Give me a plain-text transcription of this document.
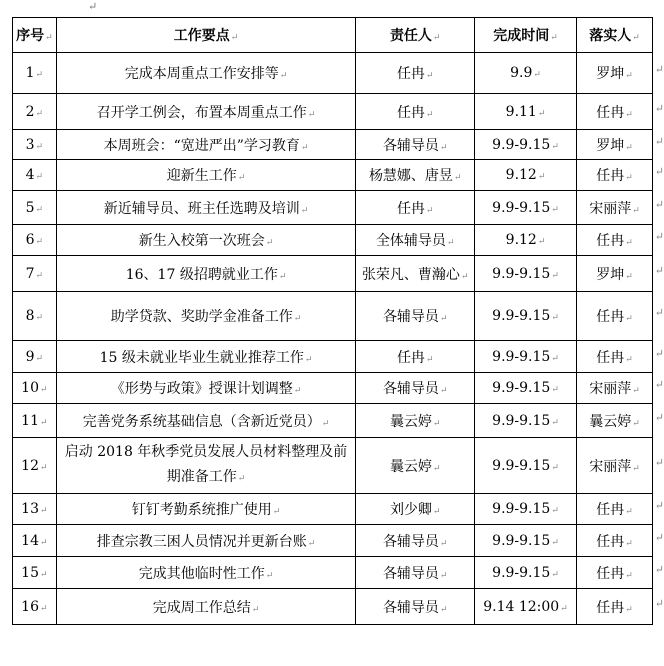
↵
序号↵	工作要点↵	责任人↵	完成时间↵	落实人↵
1↵	完成本周重点工作安排等↵	任冉↵	9.9↵	罗坤↵ ↵

2↵	召开学工例会，布置本周重点工作↵	任冉↵	9.11↵	任冉↵ ↵

3↵	本周班会：“宽进严出”学习教育↵	各辅导员↵	9.9-9.15↵	罗坤↵ ↵

4↵	迎新生工作↵	杨慧娜、唐昱↵	9.12↵	任冉↵ ↵

5↵	新近辅导员、班主任选聘及培训↵	任冉↵	9.9-9.15↵	宋丽萍↵ ↵

6↵	新生入校第一次班会↵	全体辅导员↵	9.12↵	任冉↵ ↵

7↵	16、17 级招聘就业工作↵	张荣凡、曹瀚心↵	9.9-9.15↵	罗坤↵ ↵

8↵	助学贷款、奖助学金准备工作↵	各辅导员↵	9.9-9.15↵	任冉↵ ↵

9↵	15 级未就业毕业生就业推荐工作↵	任冉↵	9.9-9.15↵	任冉↵ ↵

10↵	《形势与政策》授课计划调整↵	各辅导员↵	9.9-9.15↵	宋丽萍↵ ↵

11↵	完善党务系统基础信息（含新近党员）↵	曩云婷↵	9.9-9.15↵	曩云婷↵ ↵

12↵	启动 2018 年秋季党员发展人员材料整理及前期准备工作↵	曩云婷↵	9.9-9.15↵	宋丽萍↵ ↵

13↵	钉钉考勤系统推广使用↵	刘少卿↵	9.9-9.15↵	任冉↵ ↵

14↵	排查宗教三困人员情况并更新台账↵	各辅导员↵	9.9-9.15↵	任冉↵ ↵

15↵	完成其他临时性工作↵	各辅导员↵	9.9-9.15↵	任冉↵ ↵

16↵	完成周工作总结↵	各辅导员↵	9.14 12:00↵	任冉↵ ↵
